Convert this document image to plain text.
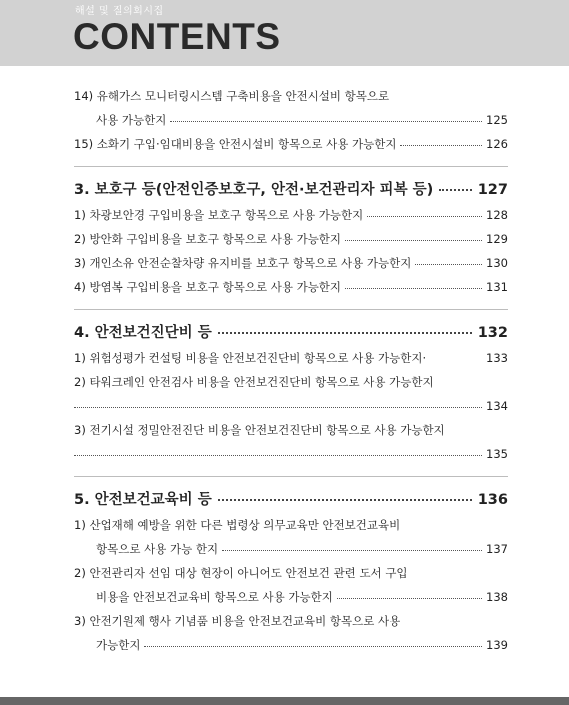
해설 및 질의회시집
CONTENTS
14) 유해가스 모니터링시스템 구축비용을 안전시설비 항목으로
사용 가능한지	125
15) 소화기 구입·임대비용을 안전시설비 항목으로 사용 가능한지	126
3. 보호구 등(안전인증보호구, 안전·보건관리자 피복 등)	127
1) 차광보안경 구입비용을 보호구 항목으로 사용 가능한지	128
2) 방안화 구입비용을 보호구 항목으로 사용 가능한지	129
3) 개인소유 안전순찰차량 유지비를 보호구 항목으로 사용 가능한지	130
4) 방염복 구입비용을 보호구 항목으로 사용 가능한지	131
4. 안전보건진단비 등	132
1) 위험성평가 컨설팅 비용을 안전보건진단비 항목으로 사용 가능한지·	133
2) 타워크레인 안전검사 비용을 안전보건진단비 항목으로 사용 가능한지
134
3) 전기시설 정밀안전진단 비용을 안전보건진단비 항목으로 사용 가능한지
135
5. 안전보건교육비 등	136
1) 산업재해 예방을 위한 다른 법령상 의무교육만 안전보건교육비
항목으로 사용 가능 한지	137
2) 안전관리자 선임 대상 현장이 아니어도 안전보건 관련 도서 구입
비용을 안전보건교육비 항목으로 사용 가능한지	138
3) 안전기원제 행사 기념품 비용을 안전보건교육비 항목으로 사용
가능한지	139
